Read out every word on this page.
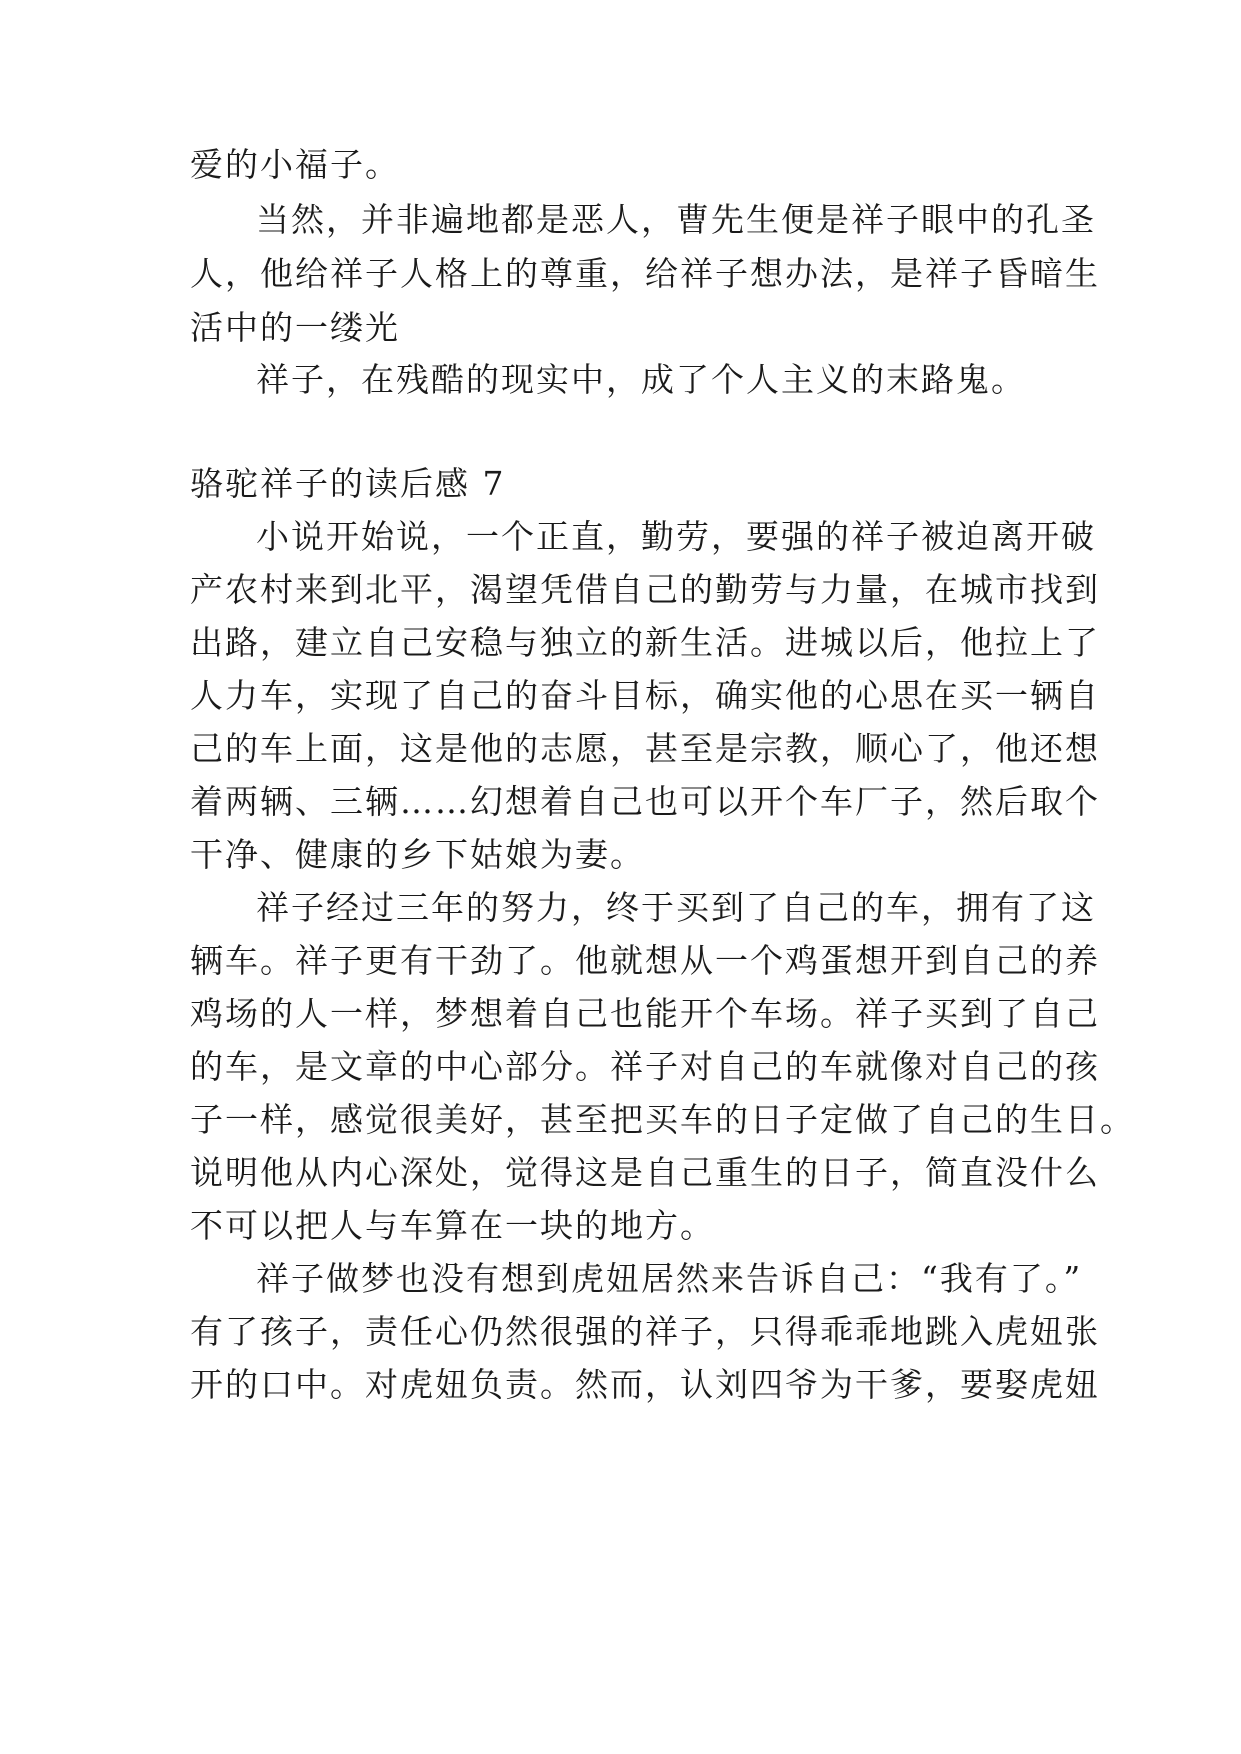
爱的小福子。
当然，并非遍地都是恶人，曹先生便是祥子眼中的孔圣
人，他给祥子人格上的尊重，给祥子想办法，是祥子昏暗生
活中的一缕光
祥子，在残酷的现实中，成了个人主义的末路鬼。
骆驼祥子的读后感 7
小说开始说，一个正直，勤劳，要强的祥子被迫离开破
产农村来到北平，渴望凭借自己的勤劳与力量，在城市找到
出路，建立自己安稳与独立的新生活。进城以后，他拉上了
人力车，实现了自己的奋斗目标，确实他的心思在买一辆自
己的车上面，这是他的志愿，甚至是宗教，顺心了，他还想
着两辆、三辆……幻想着自己也可以开个车厂子，然后取个
干净、健康的乡下姑娘为妻。
祥子经过三年的努力，终于买到了自己的车，拥有了这
辆车。祥子更有干劲了。他就想从一个鸡蛋想开到自己的养
鸡场的人一样，梦想着自己也能开个车场。祥子买到了自己
的车，是文章的中心部分。祥子对自己的车就像对自己的孩
子一样，感觉很美好，甚至把买车的日子定做了自己的生日。
说明他从内心深处，觉得这是自己重生的日子，简直没什么
不可以把人与车算在一块的地方。
祥子做梦也没有想到虎妞居然来告诉自己：“我有了。”
有了孩子，责任心仍然很强的祥子，只得乖乖地跳入虎妞张
开的口中。对虎妞负责。然而，认刘四爷为干爹，要娶虎妞
